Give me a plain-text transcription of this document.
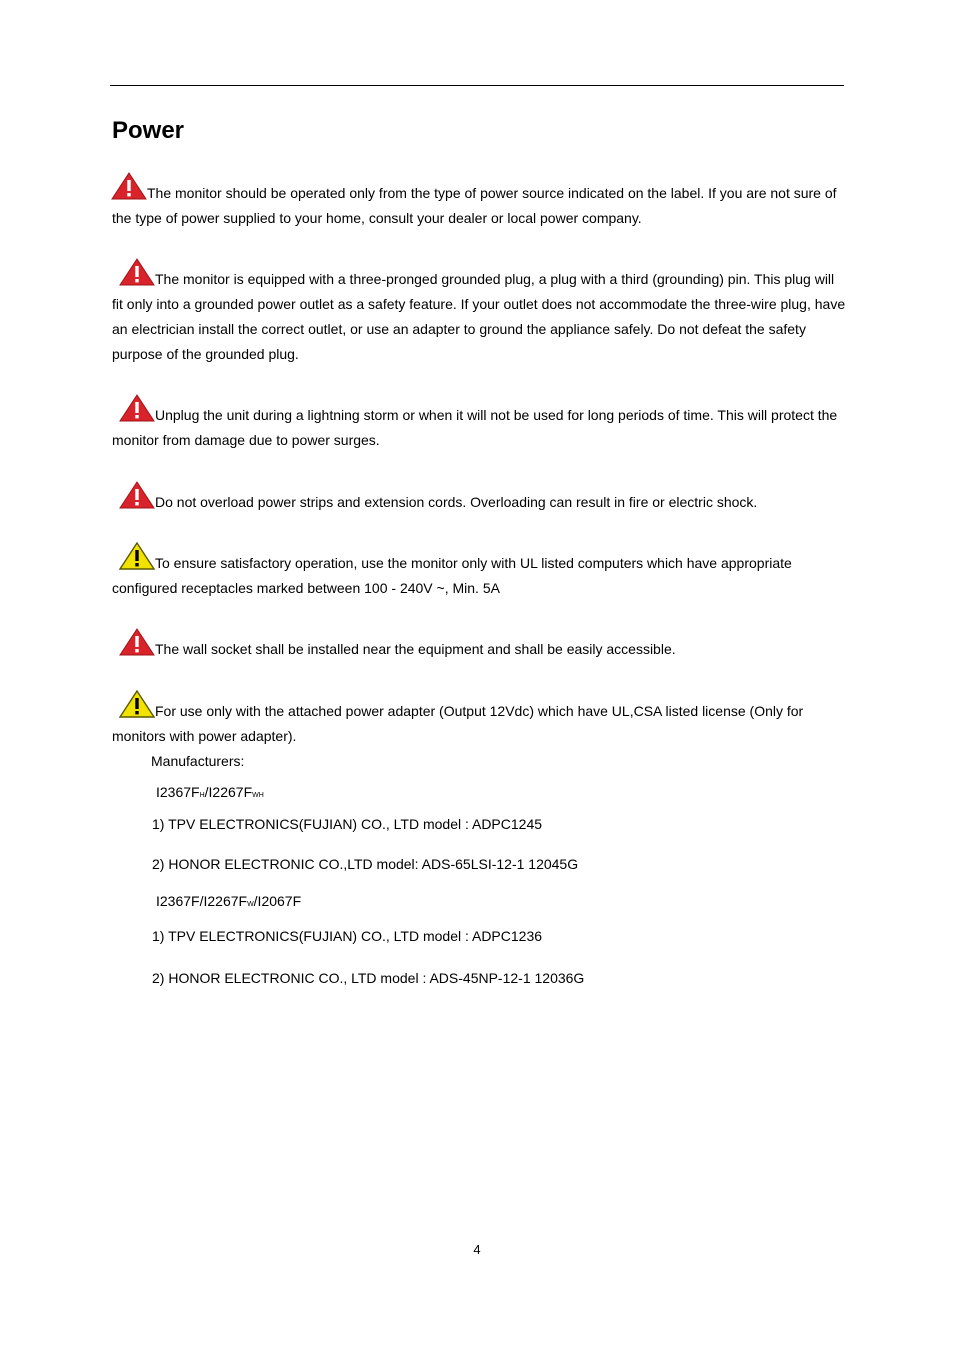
Power

The monitor should be operated only from the type of power source indicated on the label. If you are not sure of the type of power supplied to your home, consult your dealer or local power company.

The monitor is equipped with a three-pronged grounded plug, a plug with a third (grounding) pin. This plug will fit only into a grounded power outlet as a safety feature. If your outlet does not accommodate the three-wire plug, have an electrician install the correct outlet, or use an adapter to ground the appliance safely. Do not defeat the safety purpose of the grounded plug.

Unplug the unit during a lightning storm or when it will not be used for long periods of time. This will protect the monitor from damage due to power surges.

Do not overload power strips and extension cords. Overloading can result in fire or electric shock.

To ensure satisfactory operation, use the monitor only with UL listed computers which have appropriate configured receptacles marked between 100 - 240V ~, Min. 5A

The wall socket shall be installed near the equipment and shall be easily accessible.

For use only with the attached power adapter (Output 12Vdc) which have UL,CSA listed license (Only for monitors with power adapter).

Manufacturers:
I2367FH/I2267FWH
1) TPV ELECTRONICS(FUJIAN) CO., LTD model : ADPC1245
2) HONOR ELECTRONIC CO.,LTD model: ADS-65LSI-12-1 12045G
I2367F/I2267FW/I2067F
1) TPV ELECTRONICS(FUJIAN) CO., LTD model : ADPC1236
2) HONOR ELECTRONIC CO., LTD model : ADS-45NP-12-1 12036G
4
